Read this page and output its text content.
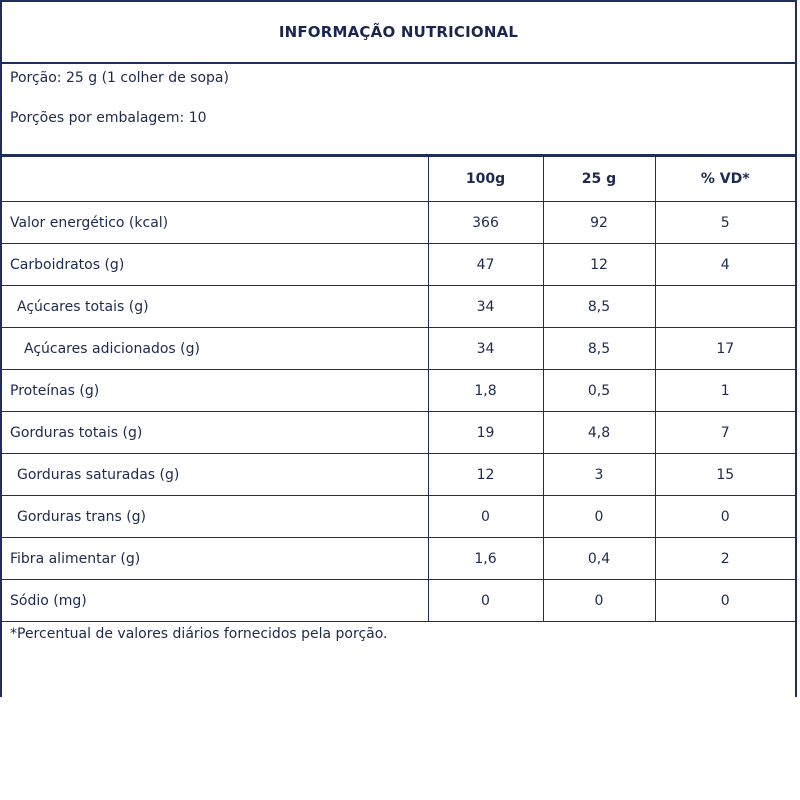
INFORMAÇÃO NUTRICIONAL
Porção: 25 g (1 colher de sopa)
Porções por embalagem: 10
	100g	25 g	% VD*
Valor energético (kcal)	366	92	5
Carboidratos (g)	47	12	4
Açúcares totais (g)	34	8,5	
Açúcares adicionados (g)	34	8,5	17
Proteínas (g)	1,8	0,5	1
Gorduras totais (g)	19	4,8	7
Gorduras saturadas (g)	12	3	15
Gorduras trans (g)	0	0	0
Fibra alimentar (g)	1,6	0,4	2
Sódio (mg)	0	0	0
*Percentual de valores diários fornecidos pela porção.
